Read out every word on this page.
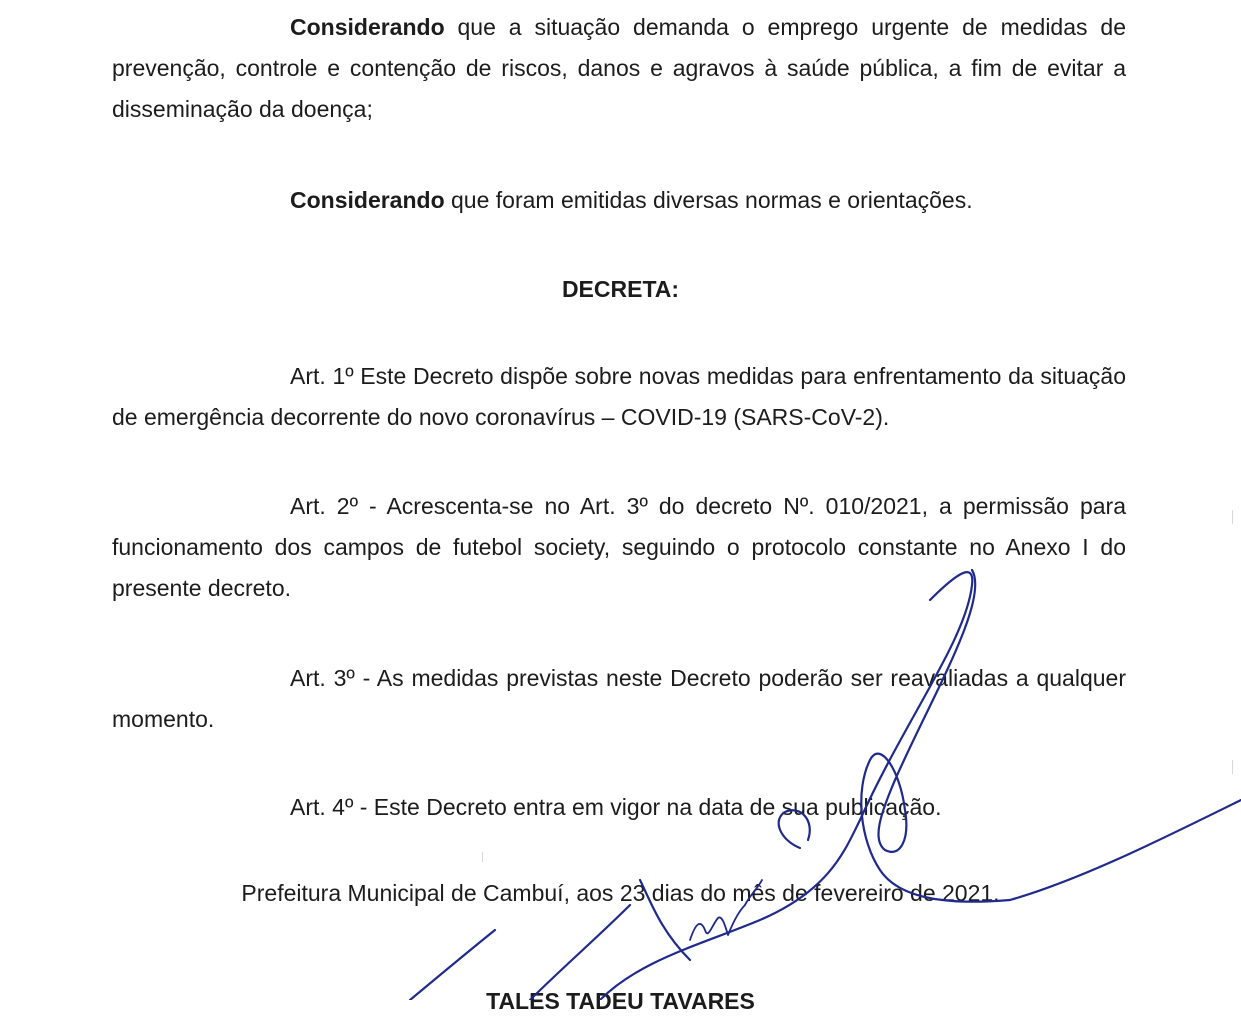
Considerando que a situação demanda o emprego urgente de medidas de prevenção, controle e contenção de riscos, danos e agravos à saúde pública, a fim de evitar a disseminação da doença;

Considerando que foram emitidas diversas normas e orientações.

DECRETA:

Art. 1º Este Decreto dispõe sobre novas medidas para enfrentamento da situação de emergência decorrente do novo coronavírus – COVID-19 (SARS-CoV-2).

Art. 2º - Acrescenta-se no Art. 3º do decreto Nº. 010/2021, a permissão para funcionamento dos campos de futebol society, seguindo o protocolo constante no Anexo I do presente decreto.

Art. 3º - As medidas previstas neste Decreto poderão ser reavaliadas a qualquer momento.

Art. 4º - Este Decreto entra em vigor na data de sua publicação.

Prefeitura Municipal de Cambuí, aos 23 dias do mês de fevereiro de 2021.

TALES TADEU TAVARES
